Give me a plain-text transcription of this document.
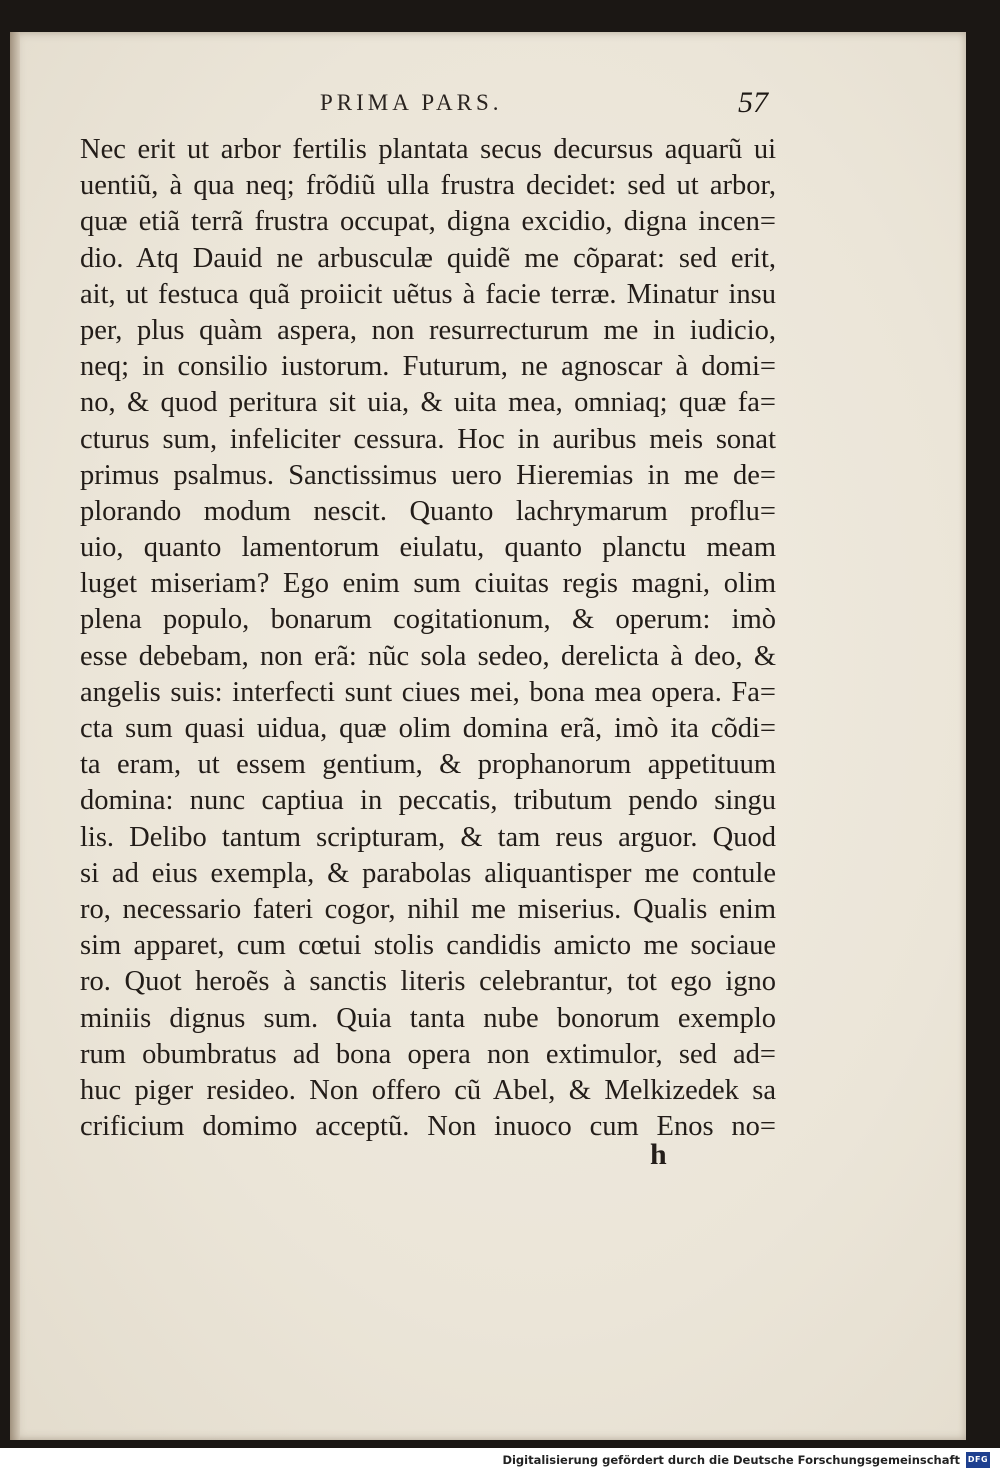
PRIMA PARS.	57
Nec erit ut arbor fertilis plantata secus decursus aquarũ ui
uentiũ, à qua neq; frõdiũ ulla frustra decidet: sed ut arbor,
quæ etiã terrã frustra occupat, digna excidio, digna incen=
dio. Atq Dauid ne arbusculæ quidẽ me cõparat: sed erit,
ait, ut festuca quã proiicit uẽtus à facie terræ. Minatur insu
per, plus quàm aspera, non resurrecturum me in iudicio,
neq; in consilio iustorum. Futurum, ne agnoscar à domi=
no, & quod peritura sit uia, & uita mea, omniaq; quæ fa=
cturus sum, infeliciter cessura. Hoc in auribus meis sonat
primus psalmus. Sanctissimus uero Hieremias in me de=
plorando modum nescit. Quanto lachrymarum proflu=
uio, quanto lamentorum eiulatu, quanto planctu meam
luget miseriam? Ego enim sum ciuitas regis magni, olim
plena populo, bonarum cogitationum, & operum: imò
esse debebam, non erã: nũc sola sedeo, derelicta à deo, &
angelis suis: interfecti sunt ciues mei, bona mea opera. Fa=
cta sum quasi uidua, quæ olim domina erã, imò ita cõdi=
ta eram, ut essem gentium, & prophanorum appetituum
domina: nunc captiua in peccatis, tributum pendo singu
lis. Delibo tantum scripturam, & tam reus arguor. Quod
si ad eius exempla, & parabolas aliquantisper me contule
ro, necessario fateri cogor, nihil me miserius. Qualis enim
sim apparet, cum cœtui stolis candidis amicto me sociaue
ro. Quot heroẽs à sanctis literis celebrantur, tot ego igno
miniis dignus sum. Quia tanta nube bonorum exemplo
rum obumbratus ad bona opera non extimulor, sed ad=
huc piger resideo. Non offero cũ Abel, & Melkizedek sa
crificium domimo acceptũ. Non inuoco cum Enos no=
h
Digitalisierung gefördert durch die Deutsche Forschungsgemeinschaft DFG
